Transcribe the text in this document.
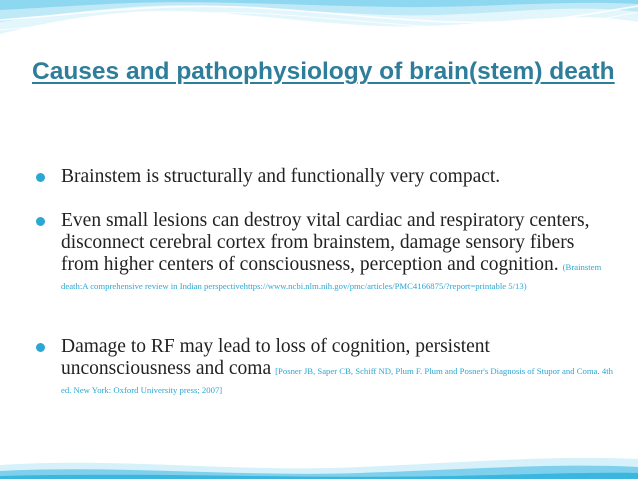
Causes and pathophysiology of brain(stem) death
Brainstem is structurally and functionally very compact.
Even small lesions can destroy vital cardiac and respiratory centers, disconnect cerebral cortex from brainstem, damage sensory fibers from higher centers of consciousness, perception and cognition. (Brainstem death:A comprehensive review in Indian perspectivehttps://www.ncbi.nlm.nih.gov/pmc/articles/PMC4166875/?report=printable 5/13)
Damage to RF may lead to loss of cognition, persistent unconsciousness and coma [Posner JB, Saper CB, Schiff ND, Plum F. Plum and Posner's Diagnosis of Stupor and Coma. 4th ed. New York: Oxford University press; 2007]
